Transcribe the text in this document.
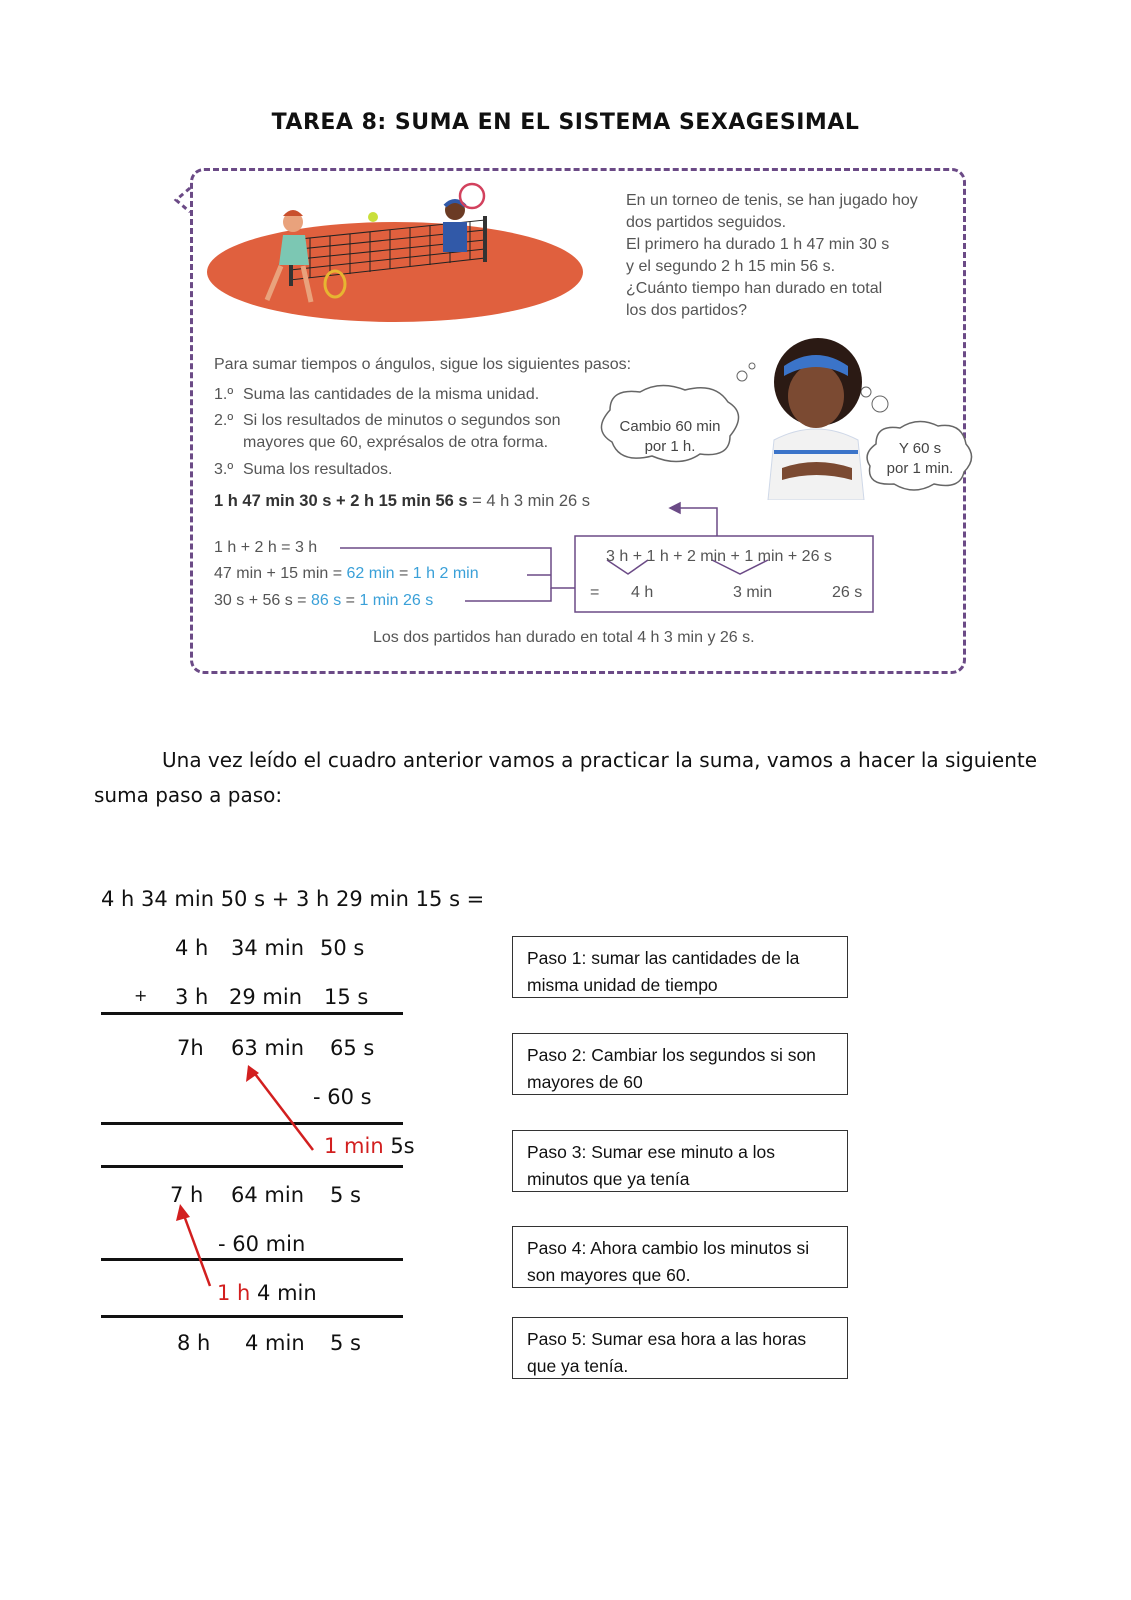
TAREA 8: SUMA EN EL SISTEMA SEXAGESIMAL
En un torneo de tenis, se han jugado hoy
dos partidos seguidos.
El primero ha durado 1 h 47 min 30 s
y el segundo 2 h 15 min 56 s.
¿Cuánto tiempo han durado en total
los dos partidos?
Para sumar tiempos o ángulos, sigue los siguientes pasos:
1.º Suma las cantidades de la misma unidad.
2.º Si los resultados de minutos o segundos son
mayores que 60, exprésalos de otra forma.
3.º Suma los resultados.
Cambio 60 min
por 1 h.	Y 60 s
por 1 min.
1 h 47 min 30 s + 2 h 15 min 56 s = 4 h 3 min 26 s
1 h + 2 h = 3 h
47 min + 15 min = 62 min = 1 h 2 min
30 s + 56 s = 86 s = 1 min 26 s
3 h + 1 h + 2 min + 1 min + 26 s
= 4 h	3 min	26 s
Los dos partidos han durado en total 4 h 3 min y 26 s.
Una vez leído el cuadro anterior vamos a practicar la suma, vamos a hacer la siguiente
suma paso a paso:
4 h 34 min 50 s + 3 h 29 min 15 s =
4 h 34 min 50 s
+ 3 h 29 min 15 s
7h 63 min 65 s
- 60 s
1 min 5s
7 h 64 min 5 s
- 60 min
1 h 4 min
8 h 4 min 5 s
Paso 1: sumar las cantidades de la misma unidad de tiempo
Paso 2: Cambiar los segundos si son mayores de 60
Paso 3: Sumar ese minuto a los minutos que ya tenía
Paso 4: Ahora cambio los minutos si son mayores que 60.
Paso 5: Sumar esa hora a las horas que ya tenía.
